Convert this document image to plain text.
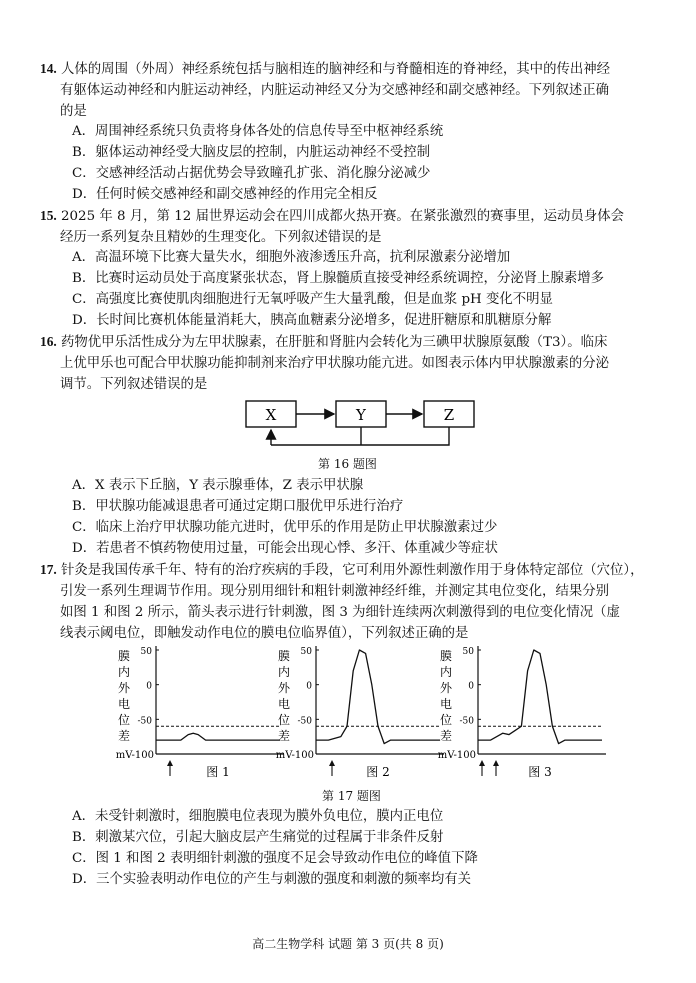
14. 人体的周围（外周）神经系统包括与脑相连的脑神经和与脊髓相连的脊神经，其中的传出神经
有躯体运动神经和内脏运动神经，内脏运动神经又分为交感神经和副交感神经。下列叙述正确
的是
A．周围神经系统只负责将身体各处的信息传导至中枢神经系统
B．躯体运动神经受大脑皮层的控制，内脏运动神经不受控制
C．交感神经活动占据优势会导致瞳孔扩张、消化腺分泌减少
D．任何时候交感神经和副交感神经的作用完全相反
15. 2025 年 8 月，第 12 届世界运动会在四川成都火热开赛。在紧张激烈的赛事里，运动员身体会
经历一系列复杂且精妙的生理变化。下列叙述错误的是
A．高温环境下比赛大量失水，细胞外液渗透压升高，抗利尿激素分泌增加
B．比赛时运动员处于高度紧张状态，肾上腺髓质直接受神经系统调控，分泌肾上腺素增多
C．高强度比赛使肌肉细胞进行无氧呼吸产生大量乳酸，但是血浆 pH 变化不明显
D．长时间比赛机体能量消耗大，胰高血糖素分泌增多，促进肝糖原和肌糖原分解
16. 药物优甲乐活性成分为左甲状腺素，在肝脏和肾脏内会转化为三碘甲状腺原氨酸（T3）。临床
上优甲乐也可配合甲状腺功能抑制剂来治疗甲状腺功能亢进。如图表示体内甲状腺激素的分泌
调节。下列叙述错误的是
X	Y	Z
第 16 题图
A．X 表示下丘脑，Y 表示腺垂体，Z 表示甲状腺
B．甲状腺功能减退患者可通过定期口服优甲乐进行治疗
C．临床上治疗甲状腺功能亢进时，优甲乐的作用是防止甲状腺激素过少
D．若患者不慎药物使用过量，可能会出现心悸、多汗、体重减少等症状
17. 针灸是我国传承千年、特有的治疗疾病的手段，它可利用外源性刺激作用于身体特定部位（穴位），
引发一系列生理调节作用。现分别用细针和粗针刺激神经纤维，并测定其电位变化，结果分别
如图 1 和图 2 所示，箭头表示进行针刺激，图 3 为细针连续两次刺激得到的电位变化情况（虚
线表示阈电位，即触发动作电位的膜电位临界值），下列叙述正确的是
50
0
-50
mV-100
膜
内
外
电
位
差
图 1
50
0
-50
mV-100
膜
内
外
电
位
差
图 2
50
0
-50
mV-100
膜
内
外
电
位
差
图 3
第 17 题图
A．未受针刺激时，细胞膜电位表现为膜外负电位，膜内正电位
B．刺激某穴位，引起大脑皮层产生痛觉的过程属于非条件反射
C．图 1 和图 2 表明细针刺激的强度不足会导致动作电位的峰值下降
D．三个实验表明动作电位的产生与刺激的强度和刺激的频率均有关
高二生物学科 试题 第 3 页(共 8 页)
